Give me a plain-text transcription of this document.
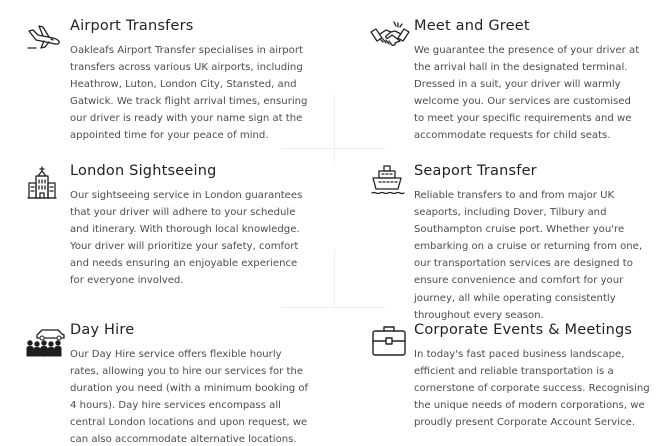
Airport Transfers

Oakleafs Airport Transfer specialises in airport transfers across various UK airports, including Heathrow, Luton, London City, Stansted, and Gatwick. We track flight arrival times, ensuring our driver is ready with your name sign at the appointed time for your peace of mind.

Meet and Greet

We guarantee the presence of your driver at the arrival hall in the designated terminal. Dressed in a suit, your driver will warmly welcome you. Our services are customised to meet your specific requirements and we accommodate requests for child seats.

London Sightseeing

Our sightseeing service in London guarantees that your driver will adhere to your schedule and itinerary. With thorough local knowledge. Your driver will prioritize your safety, comfort and needs ensuring an enjoyable experience for everyone involved.

Seaport Transfer

Reliable transfers to and from major UK seaports, including Dover, Tilbury and Southampton cruise port. Whether you're embarking on a cruise or returning from one, our transportation services are designed to ensure convenience and comfort for your journey, all while operating consistently throughout every season.

Day Hire

Our Day Hire service offers flexible hourly rates, allowing you to hire our services for the duration you need (with a minimum booking of 4 hours). Day hire services encompass all central London locations and upon request, we can also accommodate alternative locations.

Corporate Events & Meetings

In today's fast paced business landscape, efficient and reliable transportation is a cornerstone of corporate success. Recognising the unique needs of modern corporations, we proudly present Corporate Account Service.
